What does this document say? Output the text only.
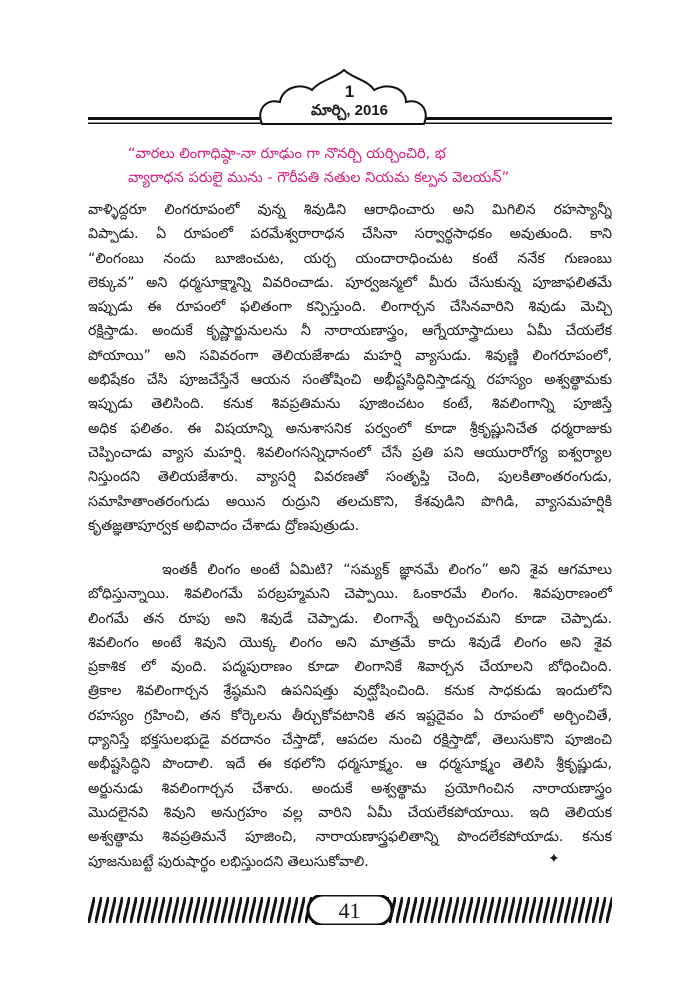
1
మార్చి, 2016
“వారలు లింగాధిష్ఠా-నా రూఢుం గా నొనర్చి యర్చించిరి, భ
వ్యారాధన పరులై మును - గౌరీపతి నతుల నియమ కల్పన వెలయన్”
వాళ్ళిద్దరూ లింగరూపంలో వున్న శివుడిని ఆరాధించారు అని మిగిలిన రహస్యాన్నీ
విప్పాడు. ఏ రూపంలో పరమేశ్వరారాధన చేసినా సర్వార్థసాధకం అవుతుంది. కాని
“లింగంబు నందు బూజించుట, యర్చ యందారాధించుట కంటే ననేక గుణంబు
లెక్కువ” అని ధర్మసూక్ష్మాన్ని వివరించాడు. పూర్వజన్మలో మీరు చేసుకున్న పూజాఫలితమే
ఇప్పుడు ఈ రూపంలో ఫలితంగా కన్పిస్తుంది. లింగార్చన చేసినవారిని శివుడు మెచ్చి
రక్షిస్తాడు. అందుకే కృష్ణార్జునులను నీ నారాయణాస్త్రం, ఆగ్నేయాస్త్రాదులు ఏమీ చేయలేక
పోయాయి” అని సవివరంగా తెలియజేశాడు మహర్షి వ్యాసుడు. శివుణ్ణి లింగరూపంలో,
అభిషేకం చేసి పూజచేస్తేనే ఆయన సంతోషించి అభీష్టసిద్ధినిస్తాడన్న రహస్యం అశ్వత్థామకు
ఇప్పుడు తెలిసింది. కనుక శివప్రతిమను పూజించటం కంటే, శివలింగాన్ని పూజిస్తే
అధిక ఫలితం. ఈ విషయాన్ని అనుశాసనిక పర్వంలో కూడా శ్రీకృష్ణునిచేత ధర్మరాజుకు
చెప్పించాడు వ్యాస మహర్షి. శివలింగసన్నిధానంలో చేసే ప్రతి పని ఆయురారోగ్య ఐశ్వర్యాల
నిస్తుందని తెలియజేశారు. వ్యాసర్షి వివరణతో సంతృప్తి చెంది, పులకితాంతరంగుడు,
సమాహితాంతరంగుడు అయిన రుద్రుని తలచుకొని, కేశవుడిని పొగిడి, వ్యాసమహర్షికి
కృతజ్ఞతాపూర్వక అభివాదం చేశాడు ద్రోణపుత్రుడు.
ఇంతకీ లింగం అంటే ఏమిటి? “సమ్యక్ జ్ఞానమే లింగం” అని శైవ ఆగమాలు
బోధిస్తున్నాయి. శివలింగమే పరబ్రహ్మమని చెప్పాయి. ఓంకారమే లింగం. శివపురాణంలో
లింగమే తన రూపు అని శివుడే చెప్పాడు. లింగాన్నే అర్చించమని కూడా చెప్పాడు.
శివలింగం అంటే శివుని యొక్క లింగం అని మాత్రమే కాదు శివుడే లింగం అని శైవ
ప్రకాశిక లో వుంది. పద్మపురాణం కూడా లింగానికే శివార్చన చేయాలని బోధించింది.
త్రికాల శివలింగార్చన శ్రేష్ఠమని ఉపనిషత్తు వుద్ఘోషించింది. కనుక సాధకుడు ఇందులోని
రహస్యం గ్రహించి, తన కోర్కెలను తీర్చుకోవటానికి తన ఇష్టదైవం ఏ రూపంలో అర్చించితే,
ధ్యానిస్తే భక్తసులభుడై వరదానం చేస్తాడో, ఆపదల నుంచి రక్షిస్తాడో, తెలుసుకొని పూజించి
అభీష్టసిద్ధిని పొందాలి. ఇదే ఈ కథలోని ధర్మసూక్ష్మం. ఆ ధర్మసూక్ష్మం తెలిసి శ్రీకృష్ణుడు,
అర్జునుడు శివలింగార్చన చేశారు. అందుకే అశ్వత్థామ ప్రయోగించిన నారాయణాస్త్రం
మొదలైనవి శివుని అనుగ్రహం వల్ల వారిని ఏమీ చేయలేకపోయాయి. ఇది తెలియక
అశ్వత్థామ శివప్రతిమనే పూజించి, నారాయణాస్త్రఫలితాన్ని పొందలేకపోయాడు. కనుక
పూజనుబట్టే పురుషార్థం లభిస్తుందని తెలుసుకోవాలి.	✦
41
